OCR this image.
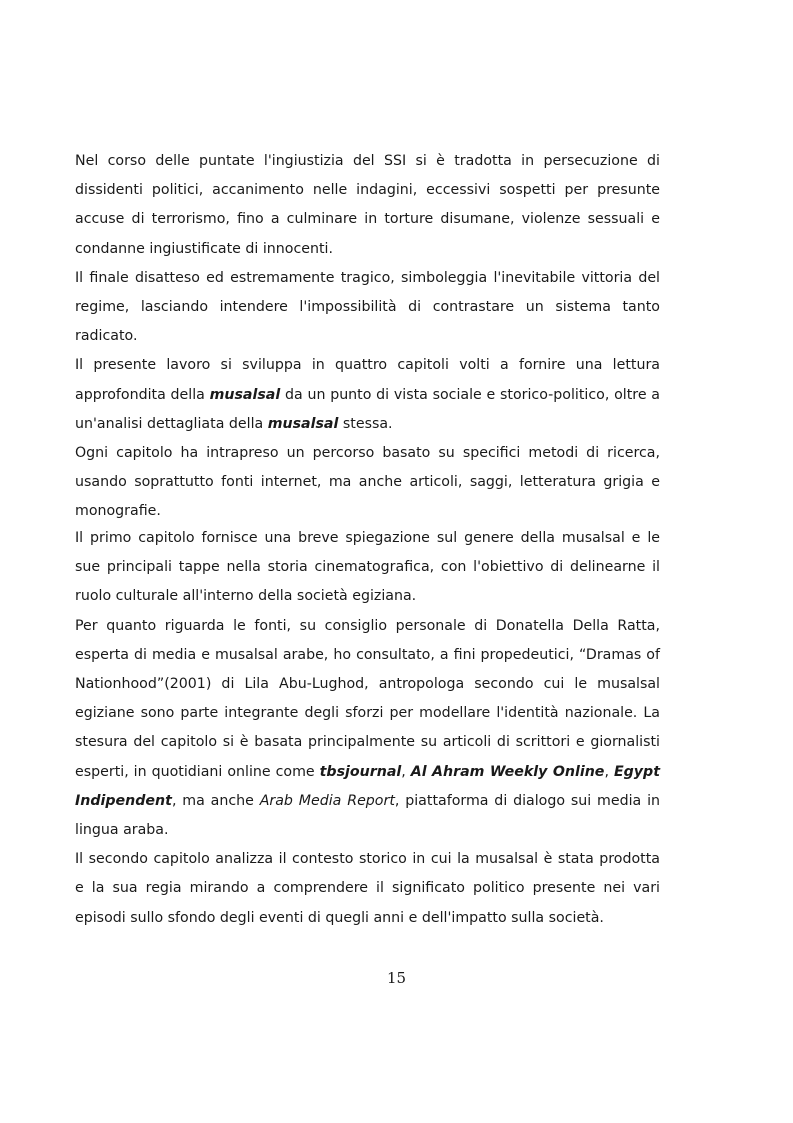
Nel corso delle puntate l'ingiustizia del SSI si è tradotta in persecuzione di dissidenti politici, accanimento nelle indagini, eccessivi sospetti per presunte accuse di terrorismo, fino a culminare in torture disumane, violenze sessuali e condanne ingiustificate di innocenti.

Il finale disatteso ed estremamente tragico, simboleggia l'inevitabile vittoria del regime, lasciando intendere l'impossibilità di contrastare un sistema tanto radicato.

Il presente lavoro si sviluppa in quattro capitoli volti a fornire una lettura approfondita della musalsal da un punto di vista sociale e storico-politico, oltre a un'analisi dettagliata della musalsal stessa.

Ogni capitolo ha intrapreso un percorso basato su specifici metodi di ricerca, usando soprattutto fonti internet, ma anche articoli, saggi, letteratura grigia e monografie.

Il primo capitolo fornisce una breve spiegazione sul genere della musalsal e le sue principali tappe nella storia cinematografica, con l'obiettivo di delinearne il ruolo culturale all'interno della società egiziana.

Per quanto riguarda le fonti, su consiglio personale di Donatella Della Ratta, esperta di media e musalsal arabe, ho consultato, a fini propedeutici, “Dramas of Nationhood”(2001) di Lila Abu-Lughod, antropologa secondo cui le musalsal egiziane sono parte integrante degli sforzi per modellare l'identità nazionale. La stesura del capitolo si è basata principalmente su articoli di scrittori e giornalisti esperti, in quotidiani online come tbsjournal, Al Ahram Weekly Online, Egypt Indipendent, ma anche Arab Media Report, piattaforma di dialogo sui media in lingua araba.

Il secondo capitolo analizza il contesto storico in cui la musalsal è stata prodotta e la sua regia mirando a comprendere il significato politico presente nei vari episodi sullo sfondo degli eventi di quegli anni e dell'impatto sulla società.

15
